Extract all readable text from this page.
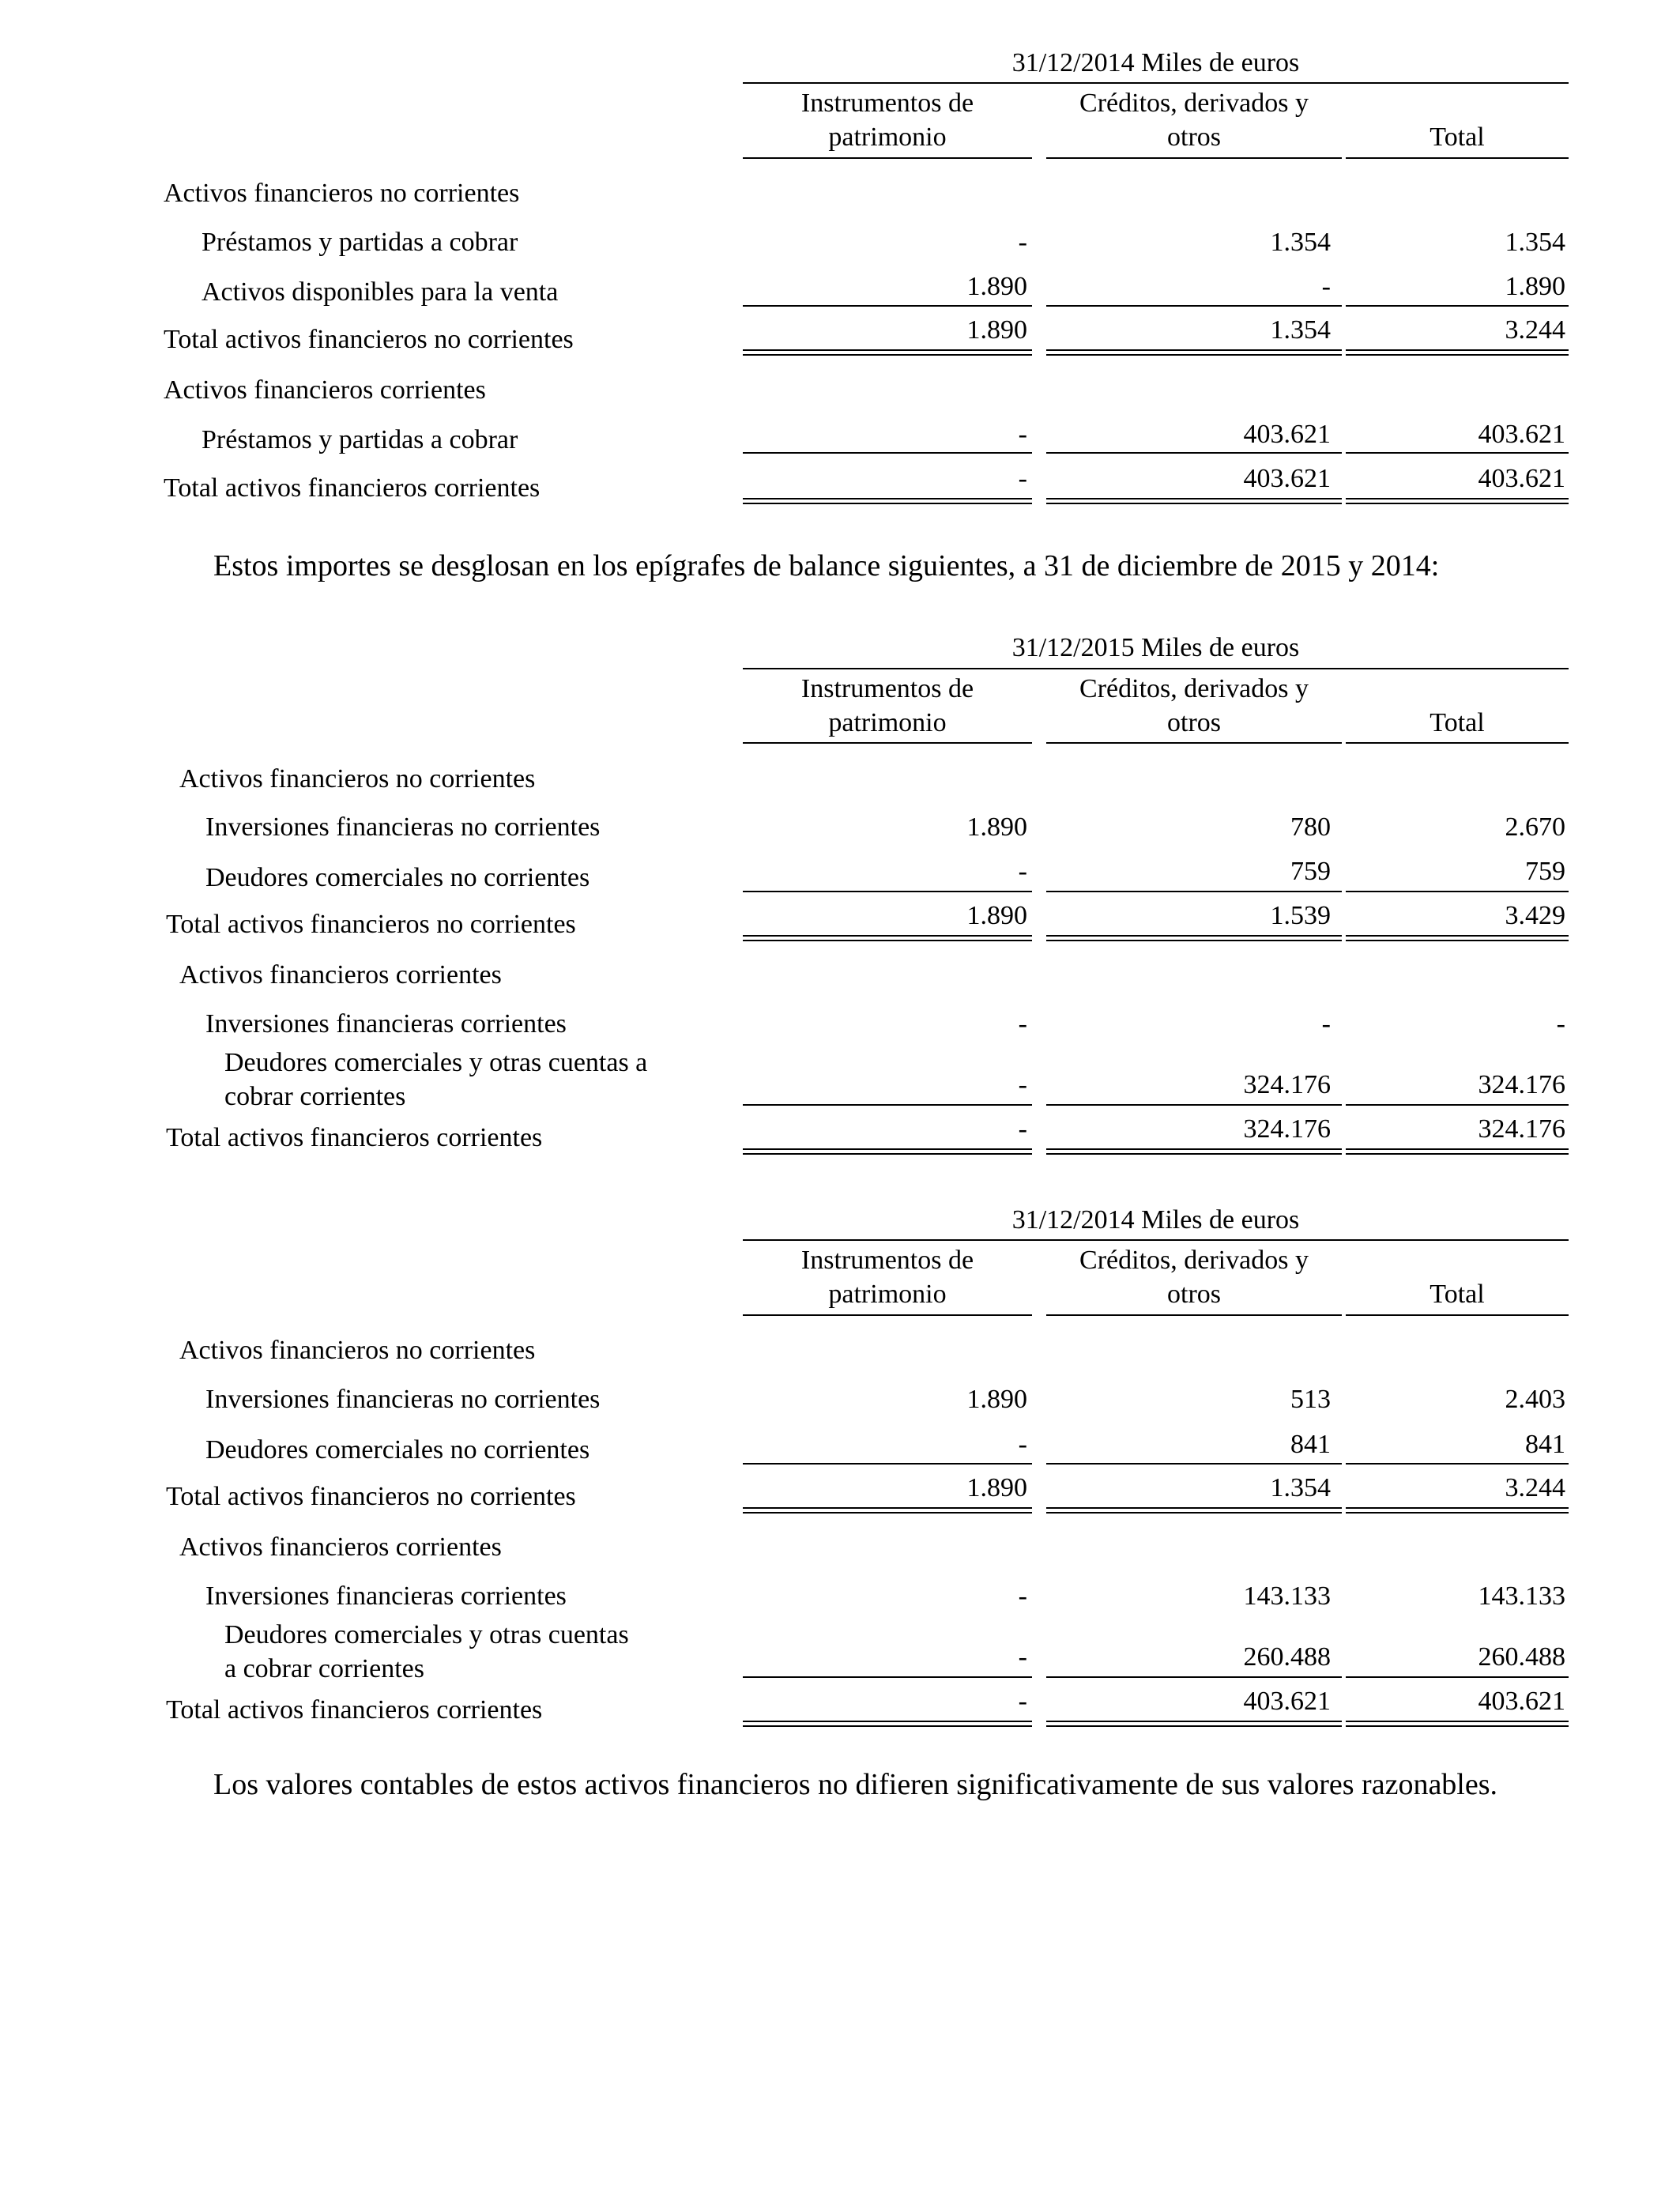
31/12/2014 Miles de euros
Instrumentos de
patrimonio
Créditos, derivados y
otros	Total
Activos financieros no corrientes
Préstamos y partidas a cobrar	-	1.354	1.354
Activos disponibles para la venta	1.890	-	1.890
Total activos financieros no corrientes	1.890	1.354	3.244
Activos financieros corrientes
Préstamos y partidas a cobrar	-	403.621	403.621
Total activos financieros corrientes	-	403.621	403.621
Estos importes se desglosan en los epígrafes de balance siguientes, a 31 de diciembre de 2015 y 2014:
31/12/2015 Miles de euros
Instrumentos de
patrimonio
Créditos, derivados y
otros	Total
Activos financieros no corrientes
Inversiones financieras no corrientes	1.890	780	2.670
Deudores comerciales no corrientes	-	759	759
Total activos financieros no corrientes	1.890	1.539	3.429
Activos financieros corrientes
Inversiones financieras corrientes	-	-	-
Deudores comerciales y otras cuentas a
cobrar corrientes	-	324.176	324.176
Total activos financieros corrientes	-	324.176	324.176
31/12/2014 Miles de euros
Instrumentos de
patrimonio
Créditos, derivados y
otros	Total
Activos financieros no corrientes
Inversiones financieras no corrientes	1.890	513	2.403
Deudores comerciales no corrientes	-	841	841
Total activos financieros no corrientes	1.890	1.354	3.244
Activos financieros corrientes
Inversiones financieras corrientes	-	143.133	143.133
Deudores comerciales y otras cuentas
a cobrar corrientes	-	260.488	260.488
Total activos financieros corrientes	-	403.621	403.621
Los valores contables de estos activos financieros no difieren significativamente de sus valores razonables.
